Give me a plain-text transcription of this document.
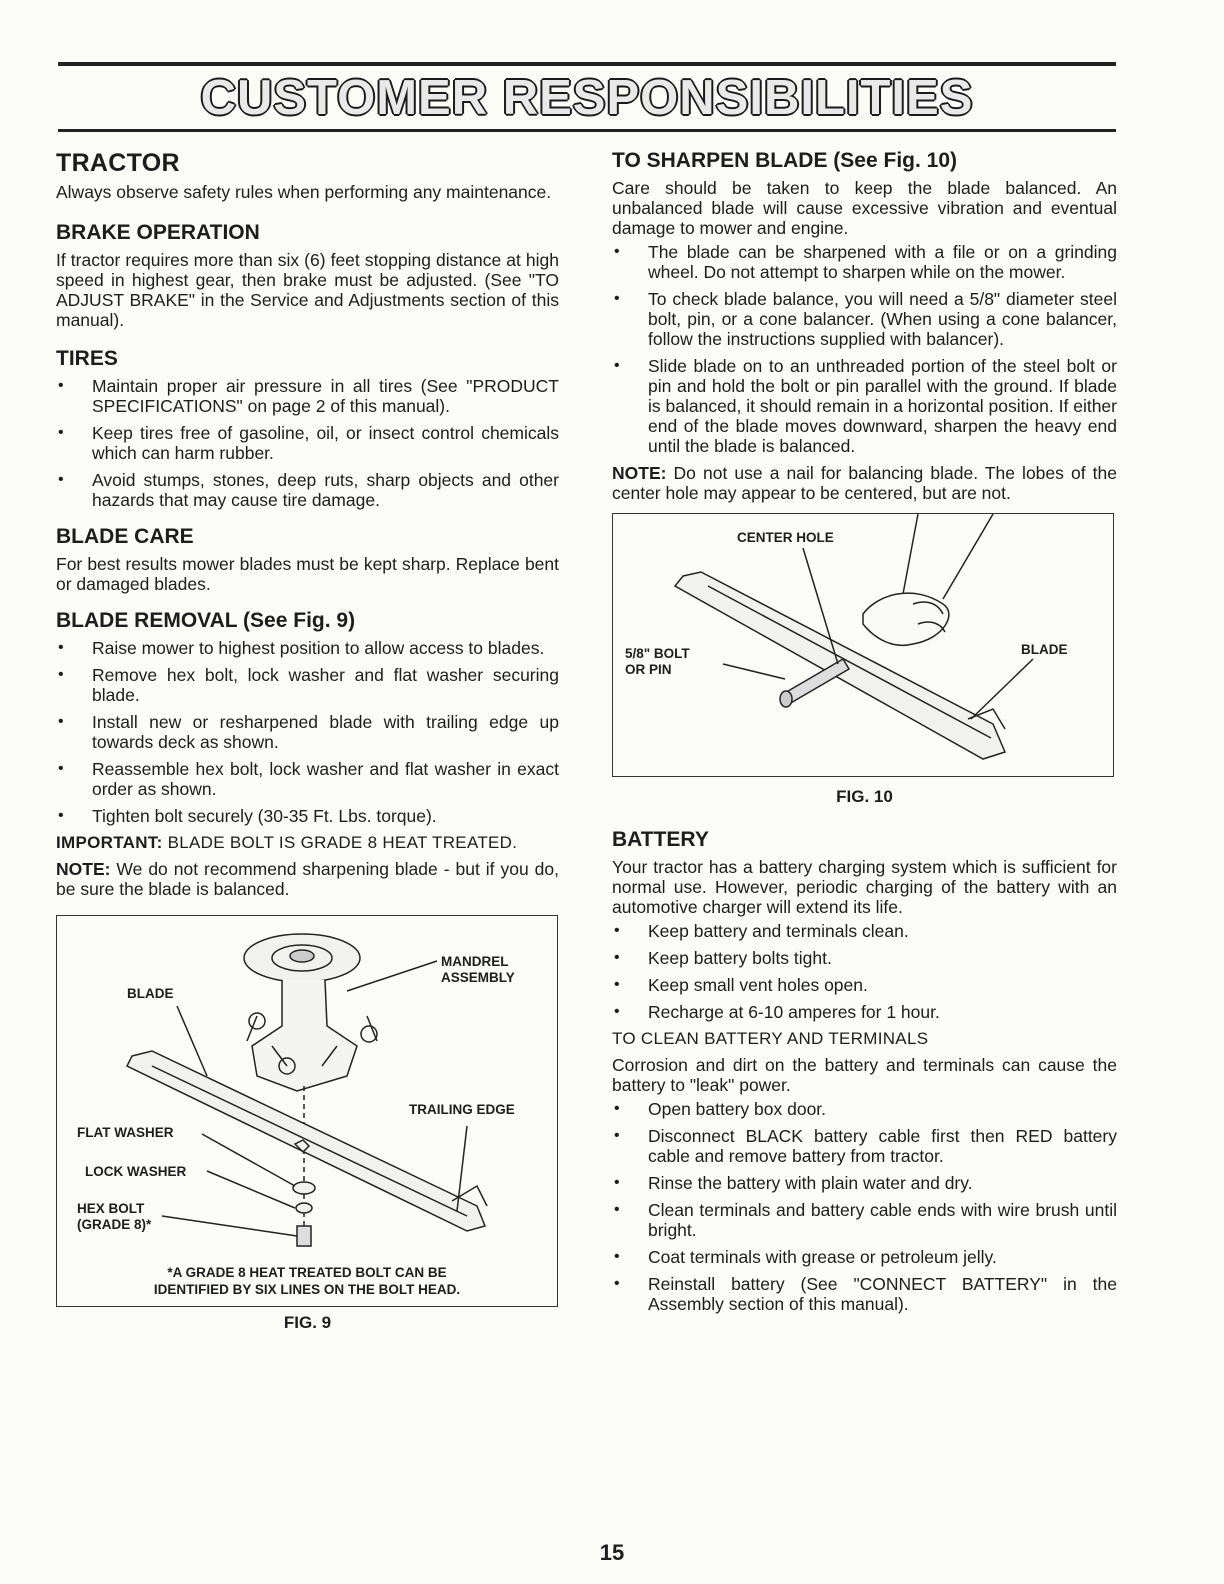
CUSTOMER RESPONSIBILITIES
TRACTOR

Always observe safety rules when performing any maintenance.

BRAKE OPERATION

If tractor requires more than six (6) feet stopping distance at high speed in highest gear, then brake must be adjusted. (See "TO ADJUST BRAKE" in the Service and Adjustments section of this manual).

TIRES
• Maintain proper air pressure in all tires (See "PRODUCT SPECIFICATIONS" on page 2 of this manual).
• Keep tires free of gasoline, oil, or insect control chemicals which can harm rubber.
• Avoid stumps, stones, deep ruts, sharp objects and other hazards that may cause tire damage.
BLADE CARE

For best results mower blades must be kept sharp. Replace bent or damaged blades.

BLADE REMOVAL (See Fig. 9)
• Raise mower to highest position to allow access to blades.
• Remove hex bolt, lock washer and flat washer securing blade.
• Install new or resharpened blade with trailing edge up towards deck as shown.
• Reassemble hex bolt, lock washer and flat washer in exact order as shown.
• Tighten bolt securely (30-35 Ft. Lbs. torque).

IMPORTANT: BLADE BOLT IS GRADE 8 HEAT TREATED.

NOTE: We do not recommend sharpening blade - but if you do, be sure the blade is balanced.

BLADE
MANDREL
ASSEMBLY
TRAILING EDGE
FLAT WASHER
LOCK WASHER
HEX BOLT
(GRADE 8)*
*A GRADE 8 HEAT TREATED BOLT CAN BE
IDENTIFIED BY SIX LINES ON THE BOLT HEAD.
FIG. 9
TO SHARPEN BLADE (See Fig. 10)

Care should be taken to keep the blade balanced. An unbalanced blade will cause excessive vibration and eventual damage to mower and engine.

• The blade can be sharpened with a file or on a grinding wheel. Do not attempt to sharpen while on the mower.
• To check blade balance, you will need a 5/8" diameter steel bolt, pin, or a cone balancer. (When using a cone balancer, follow the instructions supplied with balancer).
• Slide blade on to an unthreaded portion of the steel bolt or pin and hold the bolt or pin parallel with the ground. If blade is balanced, it should remain in a horizontal position. If either end of the blade moves downward, sharpen the heavy end until the blade is balanced.

NOTE: Do not use a nail for balancing blade. The lobes of the center hole may appear to be centered, but are not.

CENTER HOLE
5/8" BOLT
OR PIN
BLADE
FIG. 10
BATTERY

Your tractor has a battery charging system which is sufficient for normal use. However, periodic charging of the battery with an automotive charger will extend its life.

• Keep battery and terminals clean.
• Keep battery bolts tight.
• Keep small vent holes open.
• Recharge at 6-10 amperes for 1 hour.

TO CLEAN BATTERY AND TERMINALS

Corrosion and dirt on the battery and terminals can cause the battery to "leak" power.

• Open battery box door.
• Disconnect BLACK battery cable first then RED battery cable and remove battery from tractor.
• Rinse the battery with plain water and dry.
• Clean terminals and battery cable ends with wire brush until bright.
• Coat terminals with grease or petroleum jelly.
• Reinstall battery (See "CONNECT BATTERY" in the Assembly section of this manual).
15
